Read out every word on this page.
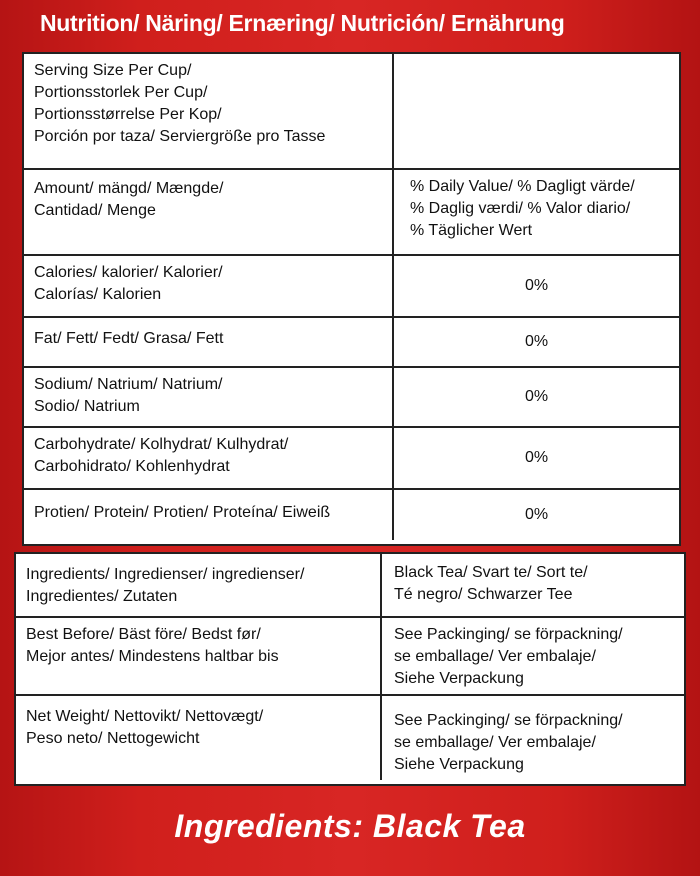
Nutrition/ Näring/ Ernæring/ Nutrición/ Ernährung
Serving Size Per Cup/
Portionsstorlek Per Cup/
Portionsstørrelse Per Kop/
Porción por taza/ Serviergröße pro Tasse
Amount/ mängd/ Mængde/
Cantidad/ Menge
% Daily Value/ % Dagligt värde/
% Daglig værdi/ % Valor diario/
% Täglicher Wert
Calories/ kalorier/ Kalorier/
Calorías/ Kalorien
0%
Fat/ Fett/ Fedt/ Grasa/ Fett	0%
Sodium/ Natrium/ Natrium/
Sodio/ Natrium
0%
Carbohydrate/ Kolhydrat/ Kulhydrat/
Carbohidrato/ Kohlenhydrat
0%
Protien/ Protein/ Protien/ Proteína/ Eiweiß	0%
Ingredients/ Ingredienser/ ingredienser/
Ingredientes/ Zutaten
Black Tea/ Svart te/ Sort te/
Té negro/ Schwarzer Tee
Best Before/ Bäst före/ Bedst før/
Mejor antes/ Mindestens haltbar bis
See Packinging/ se förpackning/
se emballage/ Ver embalaje/
Siehe Verpackung
Net Weight/ Nettovikt/ Nettovægt/
Peso neto/ Nettogewicht
See Packinging/ se förpackning/
se emballage/ Ver embalaje/
Siehe Verpackung
Ingredients: Black Tea
